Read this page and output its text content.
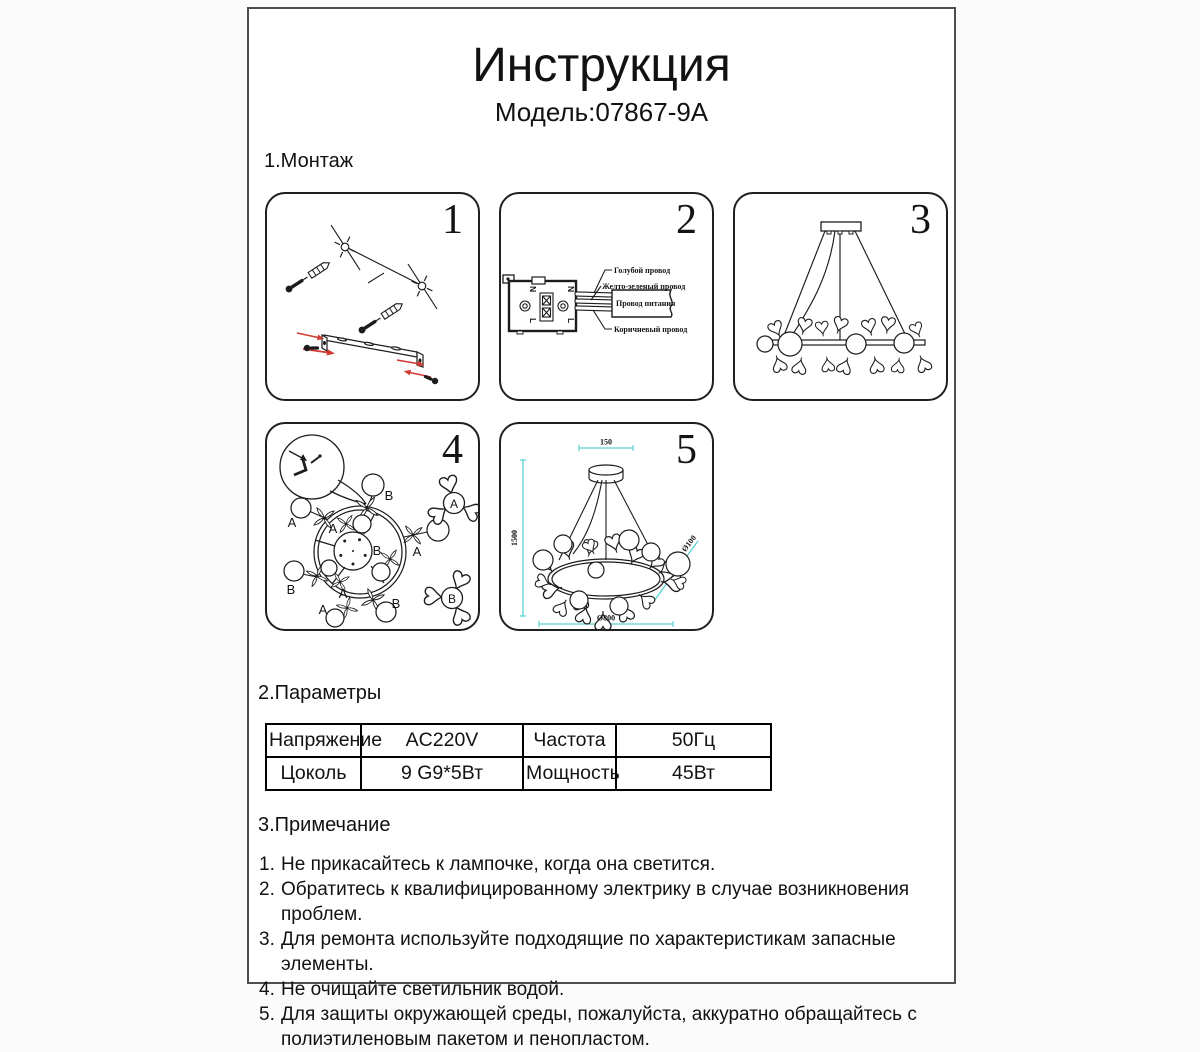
Инструкция
Модель:07867-9A
1.Монтаж
1
N
L
N
L
Провод питания
Голубой провод
Желто-зеленый провод
Коричневый провод
2	3
B
A A
A
B
B	A
B
A
A
B
4	150
1500	Ø100
Ø800
5
2.Параметры
Напряжение	AC220V	Частота	50Гц
Цоколь	9 G9*5Вт	Мощность	45Вт
3.Примечание
1. Не прикасайтесь к лампочке, когда она светится.
2. Обратитесь к квалифицированному электрику в случае возникновения проблем.
3. Для ремонта используйте подходящие по характеристикам запасные элементы.
4. Не очищайте светильник водой.
5. Для защиты окружающей среды, пожалуйста, аккуратно обращайтесь с полиэтиленовым пакетом и пенопластом.
